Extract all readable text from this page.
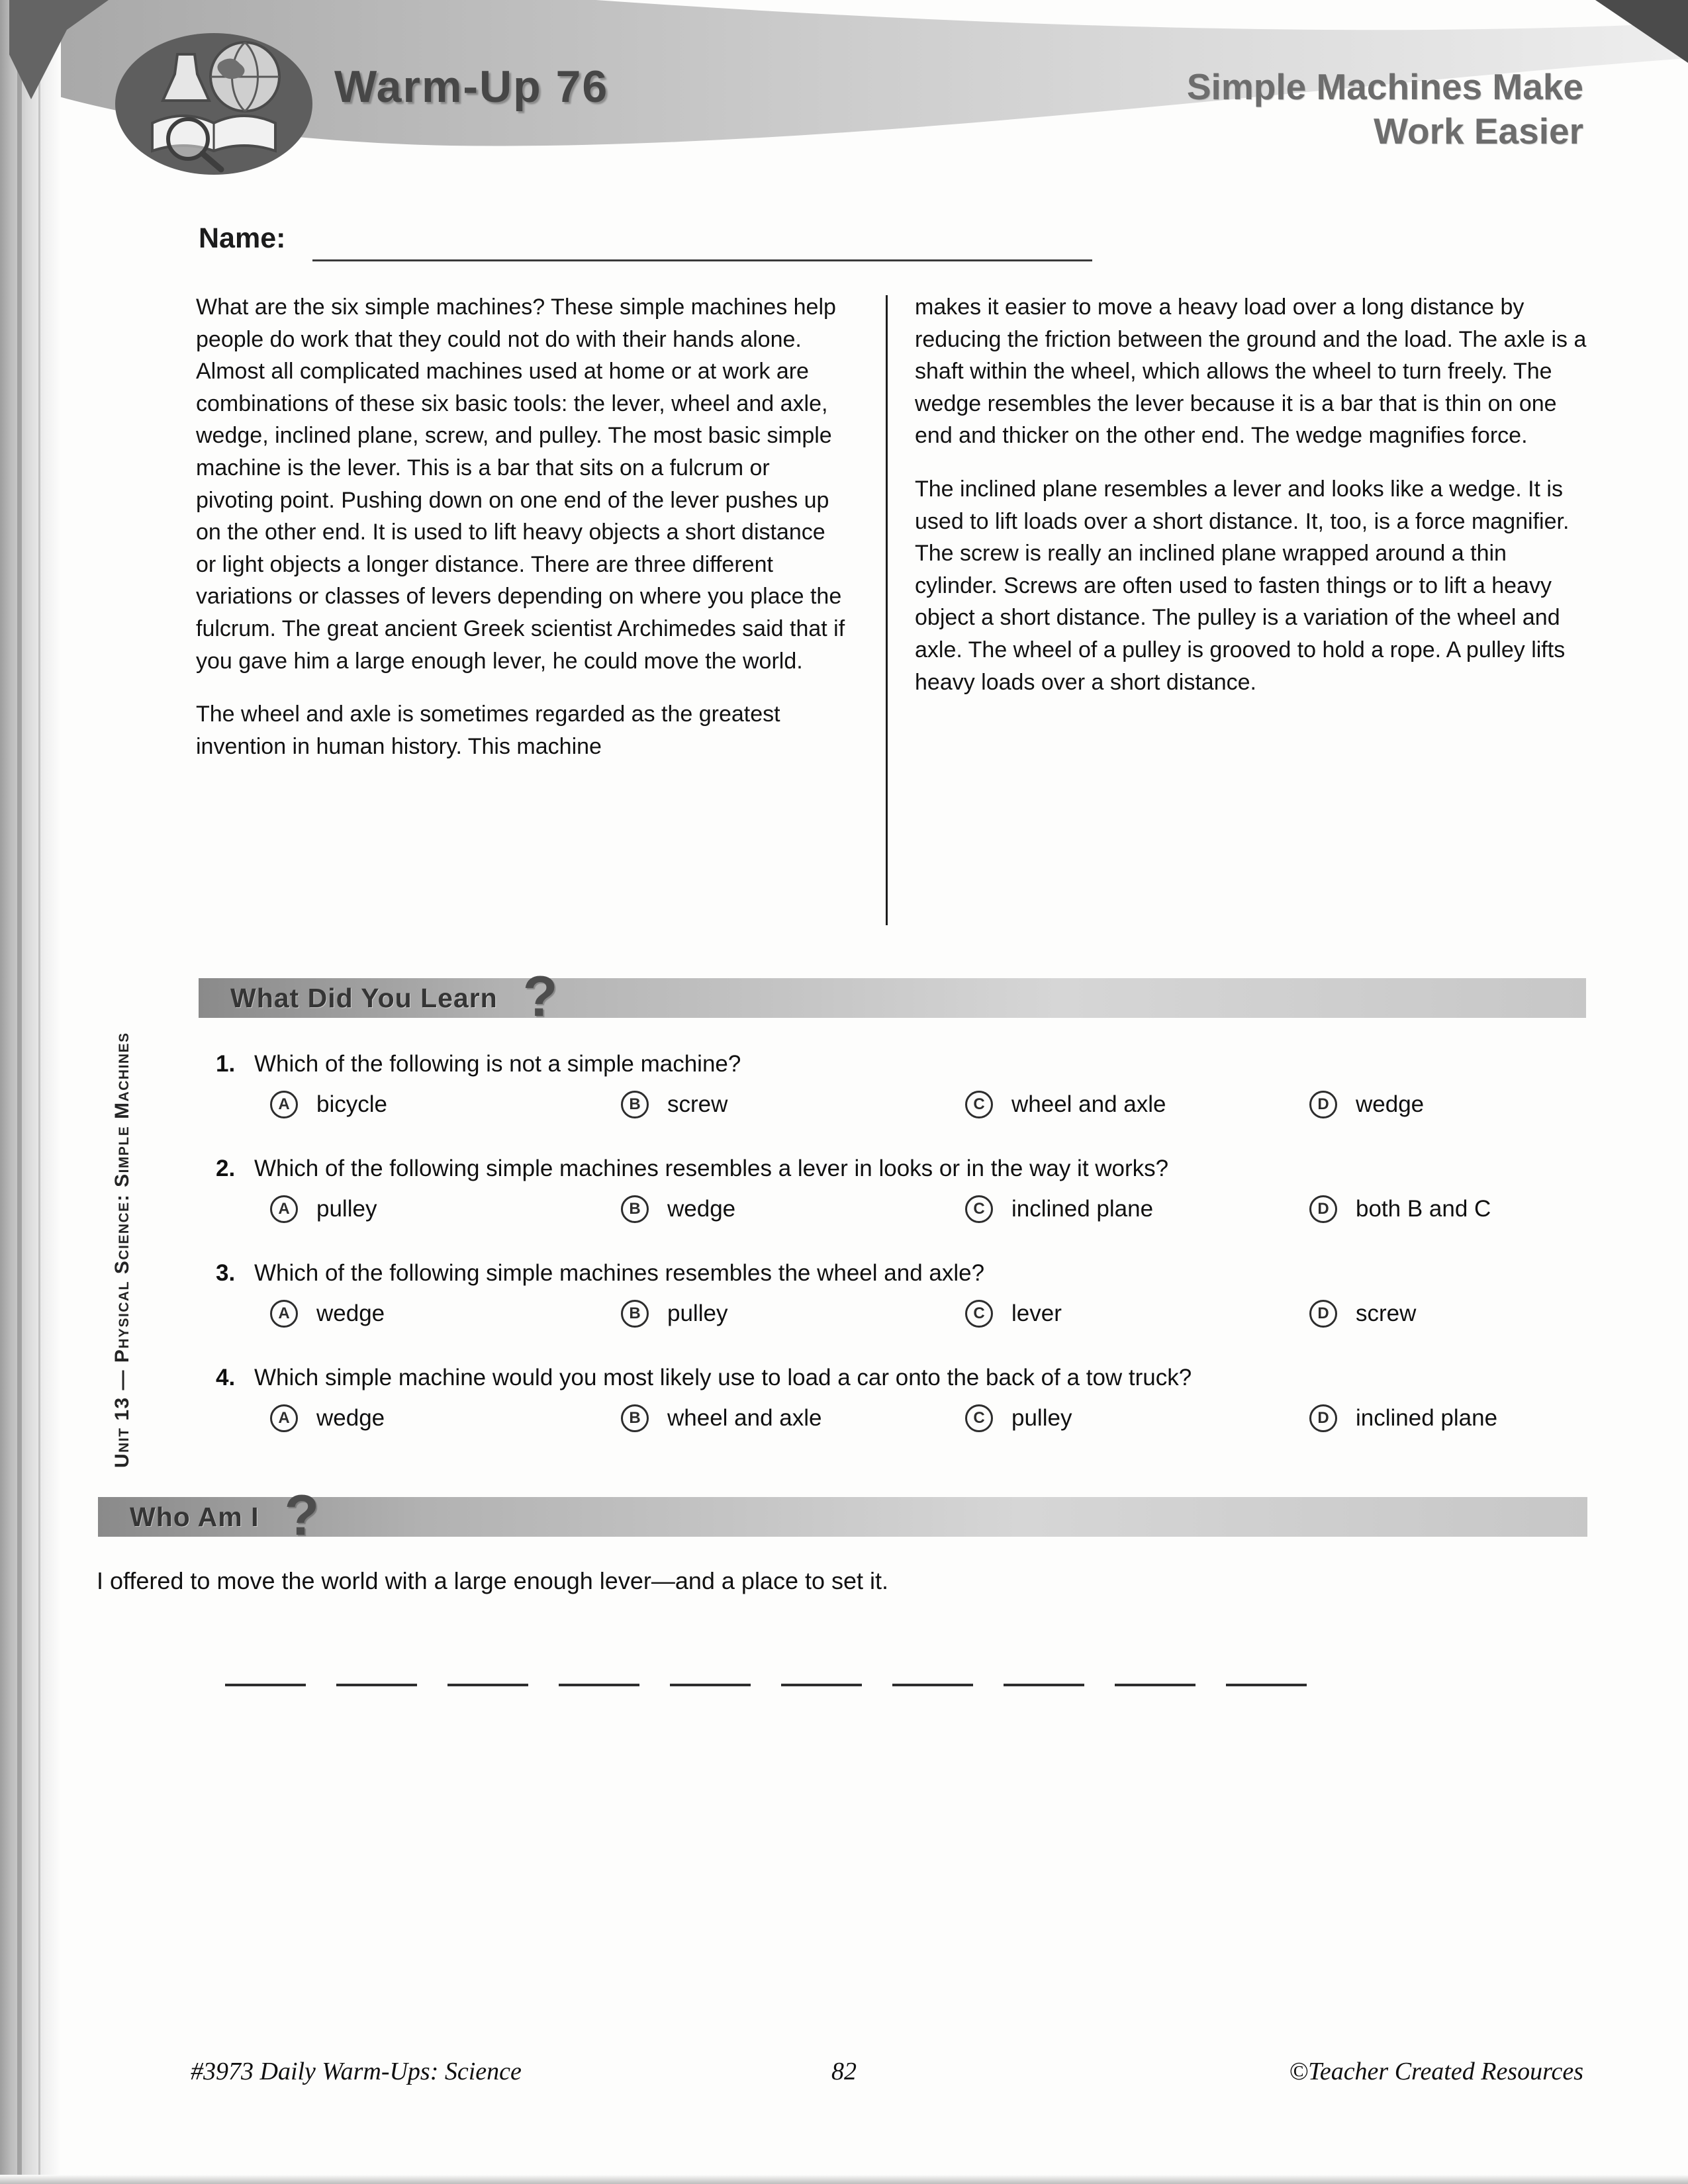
Warm-Up 76	Simple Machines Make
Work Easier
Name:

What are the six simple machines? These simple machines help people do work that they could not do with their hands alone. Almost all complicated machines used at home or at work are combinations of these six basic tools: the lever, wheel and axle, wedge, inclined plane, screw, and pulley. The most basic simple machine is the lever. This is a bar that sits on a fulcrum or pivoting point. Pushing down on one end of the lever pushes up on the other end. It is used to lift heavy objects a short distance or light objects a longer distance. There are three different variations or classes of levers depending on where you place the fulcrum. The great ancient Greek scientist Archimedes said that if you gave him a large enough lever, he could move the world.

The wheel and axle is sometimes regarded as the greatest invention in human history. This machine

makes it easier to move a heavy load over a long distance by reducing the friction between the ground and the load. The axle is a shaft within the wheel, which allows the wheel to turn freely. The wedge resembles the lever because it is a bar that is thin on one end and thicker on the other end. The wedge magnifies force.

The inclined plane resembles a lever and looks like a wedge. It is used to lift loads over a short distance. It, too, is a force magnifier. The screw is really an inclined plane wrapped around a thin cylinder. Screws are often used to fasten things or to lift a heavy object a short distance. The pulley is a variation of the wheel and axle. The wheel of a pulley is grooved to hold a rope. A pulley lifts heavy loads over a short distance.

What Did You Learn ?
1. Which of the following is not a simple machine?
A	bicycle	B	screw	C	wheel and axle	D	wedge
2. Which of the following simple machines resembles a lever in looks or in the way it works?
A	pulley	B	wedge	C	inclined plane	D	both B and C
3. Which of the following simple machines resembles the wheel and axle?
A	wedge	B	pulley	C	lever	D	screw
4. Which simple machine would you most likely use to load a car onto the back of a tow truck?
A	wedge	B	wheel and axle	C	pulley	D	inclined plane
Who Am I ?
I offered to move the world with a large enough lever—and a place to set it.
Unit 13 — Physical Science: Simple Machines
#3973 Daily Warm-Ups: Science	82	©Teacher Created Resources
